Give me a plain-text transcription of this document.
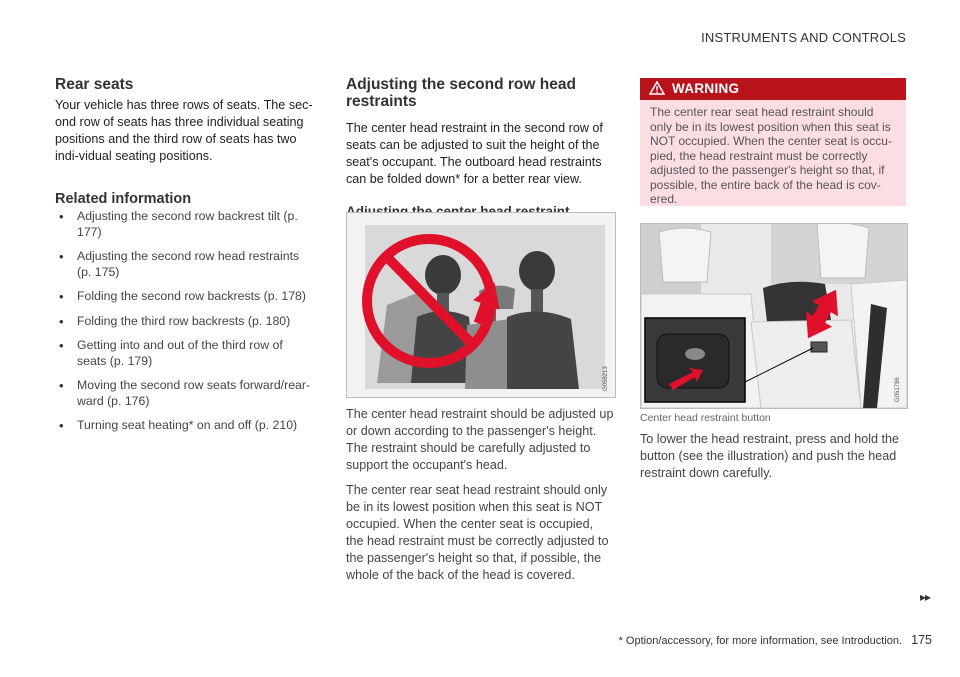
INSTRUMENTS AND CONTROLS
Rear seats

Your vehicle has three rows of seats. The sec-ond row of seats has three individual seating positions and the third row of seats has two indi-vidual seating positions.

Related information
• Adjusting the second row backrest tilt (p. 177)
• Adjusting the second row head restraints (p. 175)
• Folding the second row backrests (p. 178)
• Folding the third row backrests (p. 180)
• Getting into and out of the third row of seats (p. 179)
• Moving the second row seats forward/rear-ward (p. 176)
• Turning seat heating* on and off (p. 210)
Adjusting the second row head restraints

The center head restraint in the second row of seats can be adjusted to suit the height of the seat's occupant. The outboard head restraints can be folded down* for a better rear view.

G058213

The center head restraint should be adjusted up or down according to the passenger's height. The restraint should be carefully adjusted to support the occupant's head.

The center rear seat head restraint should only be in its lowest position when this seat is NOT occupied. When the center seat is occupied, the head restraint must be correctly adjusted to the passenger's height so that, if possible, the whole of the back of the head is covered.

WARNING

The center rear seat head restraint should only be in its lowest position when this seat is NOT occupied. When the center seat is occu-pied, the head restraint must be correctly adjusted to the passenger's height so that, if possible, the entire back of the head is cov-ered.

G051796
Center head restraint button

To lower the head restraint, press and hold the button (see the illustration) and push the head restraint down carefully.

▸▸
* Option/accessory, for more information, see Introduction. 175
